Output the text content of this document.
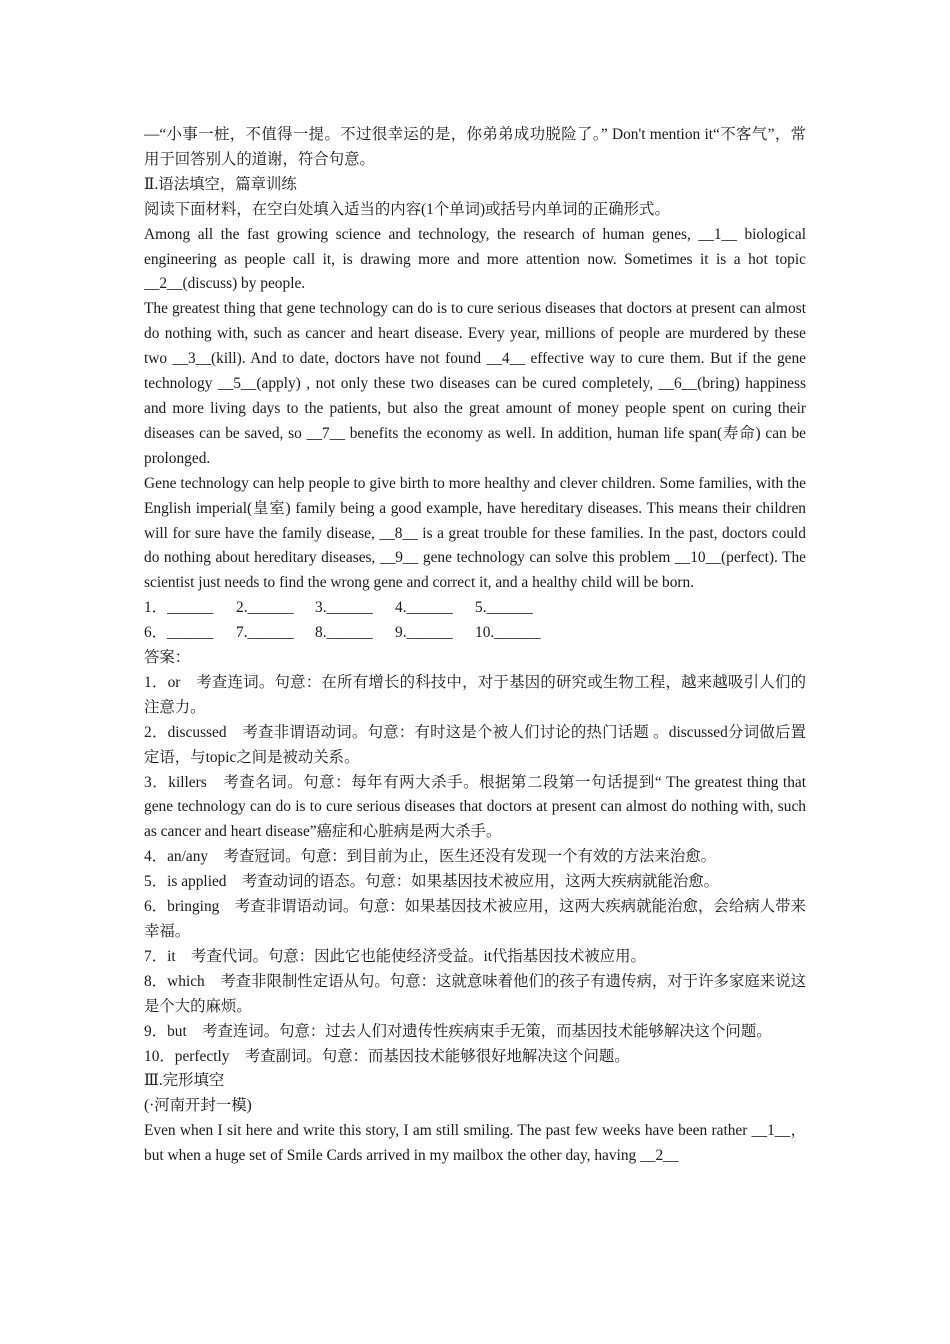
—“小事一桩，不值得一提。不过很幸运的是，你弟弟成功脱险了。” Don't mention it“不客气”，常用于回答别人的道谢，符合句意。

Ⅱ.语法填空，篇章训练

阅读下面材料，在空白处填入适当的内容(1个单词)或括号内单词的正确形式。

Among all the fast growing science and technology, the research of human genes, __1__ biological engineering as people call it, is drawing more and more attention now. Sometimes it is a hot topic __2__(discuss) by people.

The greatest thing that gene technology can do is to cure serious diseases that doctors at present can almost do nothing with, such as cancer and heart disease. Every year, millions of people are murdered by these two __3__(kill). And to date, doctors have not found __4__ effective way to cure them. But if the gene technology __5__(apply) , not only these two diseases can be cured completely, __6__(bring) happiness and more living days to the patients, but also the great amount of money people spent on curing their diseases can be saved, so __7__ benefits the economy as well. In addition, human life span(寿命) can be prolonged.

Gene technology can help people to give birth to more healthy and clever children. Some families, with the English imperial(皇室) family being a good example, have hereditary diseases. This means their children will for sure have the family disease, __8__ is a great trouble for these families. In the past, doctors could do nothing about hereditary diseases, __9__ gene technology can solve this problem __10__(perfect). The scientist just needs to find the wrong gene and correct it, and a healthy child will be born.

1．______ 2.______ 3.______ 4.______ 5.______
6．______ 7.______ 8.______ 9.______ 10.______

答案：

1．or　考查连词。句意：在所有增长的科技中，对于基因的研究或生物工程，越来越吸引人们的注意力。

2．discussed　考查非谓语动词。句意：有时这是个被人们讨论的热门话题 。discussed分词做后置定语，与topic之间是被动关系。

3．killers　考查名词。句意：每年有两大杀手。根据第二段第一句话提到“ The greatest thing that gene technology can do is to cure serious diseases that doctors at present can almost do nothing with, such as cancer and heart disease”癌症和心脏病是两大杀手。

4．an/any　考查冠词。句意：到目前为止，医生还没有发现一个有效的方法来治愈。

5．is applied　考查动词的语态。句意：如果基因技术被应用，这两大疾病就能治愈。

6．bringing　考查非谓语动词。句意：如果基因技术被应用，这两大疾病就能治愈，会给病人带来幸福。

7．it　考查代词。句意：因此它也能使经济受益。it代指基因技术被应用。

8．which　考查非限制性定语从句。句意：这就意味着他们的孩子有遗传病，对于许多家庭来说这是个大的麻烦。

9．but　考查连词。句意：过去人们对遗传性疾病束手无策，而基因技术能够解决这个问题。

10．perfectly　考查副词。句意：而基因技术能够很好地解决这个问题。

Ⅲ.完形填空

(·河南开封一模)

Even when I sit here and write this story, I am still smiling. The past few weeks have been rather __1__， but when a huge set of Smile Cards arrived in my mailbox the other day, having __2__
